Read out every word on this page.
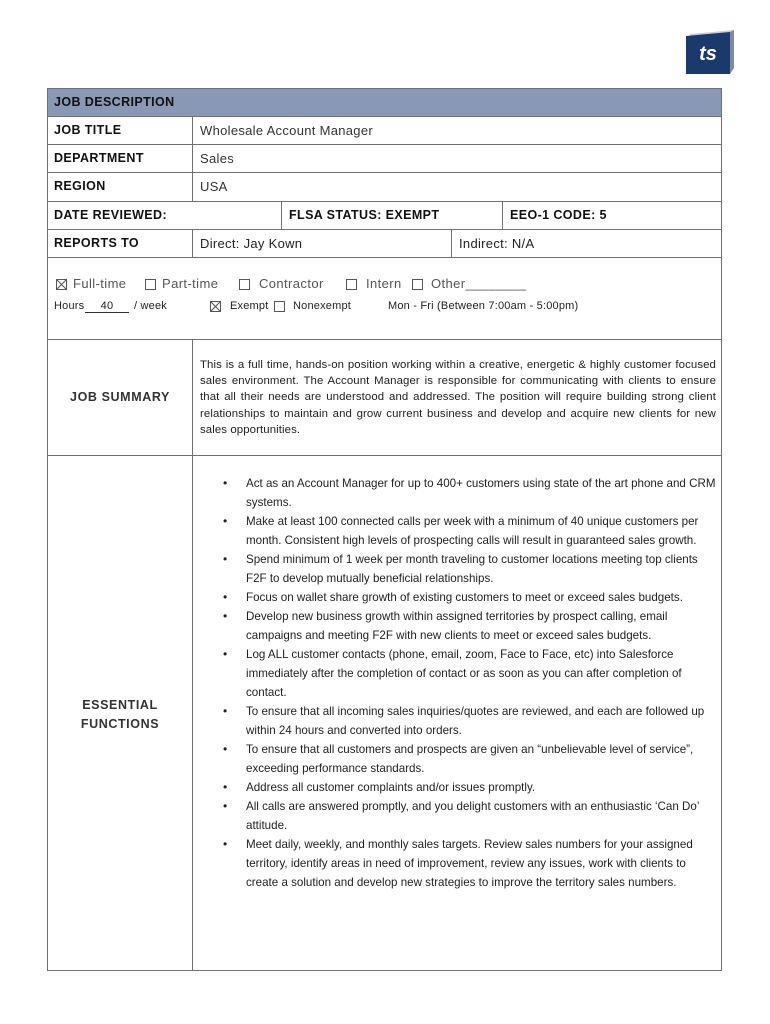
ts
JOB DESCRIPTION
JOB TITLE	Wholesale Account Manager
DEPARTMENT	Sales
REGION	USA
DATE REVIEWED:	FLSA STATUS: EXEMPT	EEO-1 CODE: 5
REPORTS TO	Direct: Jay Kown	Indirect: N/A
Full-time	Part-time	Contractor	Intern Other________
Hours	40	/ week	Exempt Nonexempt	Mon - Fri (Between 7:00am - 5:00pm)
JOB SUMMARY
This is a full time, hands-on position working within a creative, energetic & highly customer focused sales environment. The Account Manager is responsible for communicating with clients to ensure that all their needs are understood and addressed. The position will require building strong client relationships to maintain and grow current business and develop and acquire new clients for new sales opportunities.
ESSENTIAL
FUNCTIONS
• Act as an Account Manager for up to 400+ customers using state of the art phone and CRM systems.
• Make at least 100 connected calls per week with a minimum of 40 unique customers per month. Consistent high levels of prospecting calls will result in guaranteed sales growth.
• Spend minimum of 1 week per month traveling to customer locations meeting top clients F2F to develop mutually beneficial relationships.
• Focus on wallet share growth of existing customers to meet or exceed sales budgets.
• Develop new business growth within assigned territories by prospect calling, email campaigns and meeting F2F with new clients to meet or exceed sales budgets.
• Log ALL customer contacts (phone, email, zoom, Face to Face, etc) into Salesforce immediately after the completion of contact or as soon as you can after completion of contact.
• To ensure that all incoming sales inquiries/quotes are reviewed, and each are followed up within 24 hours and converted into orders.
• To ensure that all customers and prospects are given an “unbelievable level of service”, exceeding performance standards.
• Address all customer complaints and/or issues promptly.
• All calls are answered promptly, and you delight customers with an enthusiastic ‘Can Do’ attitude.
• Meet daily, weekly, and monthly sales targets. Review sales numbers for your assigned territory, identify areas in need of improvement, review any issues, work with clients to create a solution and develop new strategies to improve the territory sales numbers.
